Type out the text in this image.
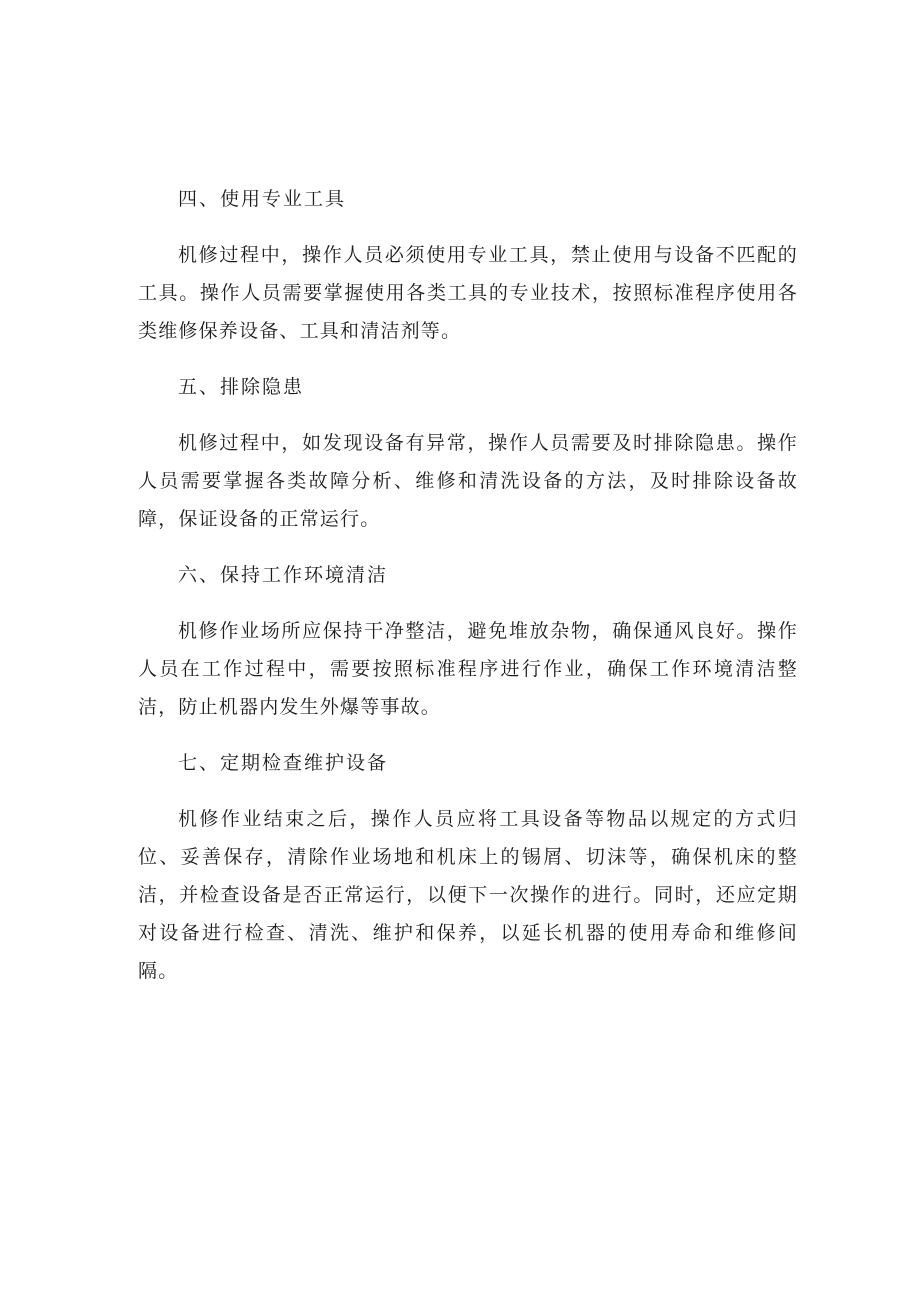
四、使用专业工具

机修过程中，操作人员必须使用专业工具，禁止使用与设备不匹配的工具。操作人员需要掌握使用各类工具的专业技术，按照标准程序使用各类维修保养设备、工具和清洁剂等。

五、排除隐患

机修过程中，如发现设备有异常，操作人员需要及时排除隐患。操作人员需要掌握各类故障分析、维修和清洗设备的方法，及时排除设备故障，保证设备的正常运行。

六、保持工作环境清洁

机修作业场所应保持干净整洁，避免堆放杂物，确保通风良好。操作人员在工作过程中，需要按照标准程序进行作业，确保工作环境清洁整洁，防止机器内发生外爆等事故。

七、定期检查维护设备

机修作业结束之后，操作人员应将工具设备等物品以规定的方式归位、妥善保存，清除作业场地和机床上的锡屑、切沫等，确保机床的整洁，并检查设备是否正常运行，以便下一次操作的进行。同时，还应定期对设备进行检查、清洗、维护和保养，以延长机器的使用寿命和维修间隔。
